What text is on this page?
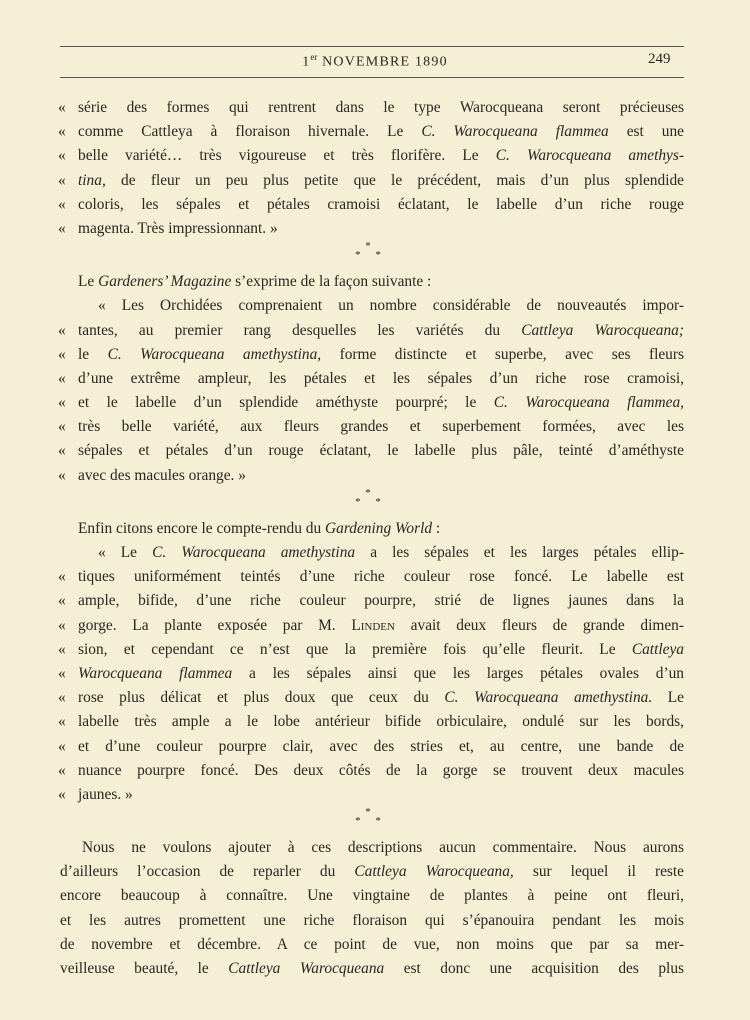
1er NOVEMBRE 1890	249
« série des formes qui rentrent dans le type Warocqueana seront précieuses
« comme Cattleya à floraison hivernale. Le C. Warocqueana flammea est une
« belle variété… très vigoureuse et très florifère. Le C. Warocqueana amethys-
« tina, de fleur un peu plus petite que le précédent, mais d’un plus splendide
« coloris, les sépales et pétales cramoisi éclatant, le labelle d’un riche rouge
« magenta. Très impressionnant. »
*
* *
Le Gardeners’ Magazine s’exprime de la façon suivante :
« Les Orchidées comprenaient un nombre considérable de nouveautés impor-
« tantes, au premier rang desquelles les variétés du Cattleya Warocqueana;
« le C. Warocqueana amethystina, forme distincte et superbe, avec ses fleurs
« d’une extrême ampleur, les pétales et les sépales d’un riche rose cramoisi,
« et le labelle d’un splendide améthyste pourpré; le C. Warocqueana flammea,
« très belle variété, aux fleurs grandes et superbement formées, avec les
« sépales et pétales d’un rouge éclatant, le labelle plus pâle, teinté d’améthyste
« avec des macules orange. »
*
* *
Enfin citons encore le compte-rendu du Gardening World :
« Le C. Warocqueana amethystina a les sépales et les larges pétales ellip-
« tiques uniformément teintés d’une riche couleur rose foncé. Le labelle est
« ample, bifide, d’une riche couleur pourpre, strié de lignes jaunes dans la
« gorge. La plante exposée par M. Linden avait deux fleurs de grande dimen-
« sion, et cependant ce n’est que la première fois qu’elle fleurit. Le Cattleya
« Warocqueana flammea a les sépales ainsi que les larges pétales ovales d’un
« rose plus délicat et plus doux que ceux du C. Warocqueana amethystina. Le
« labelle très ample a le lobe antérieur bifide orbiculaire, ondulé sur les bords,
« et d’une couleur pourpre clair, avec des stries et, au centre, une bande de
« nuance pourpre foncé. Des deux côtés de la gorge se trouvent deux macules
« jaunes. »
*
* *
Nous ne voulons ajouter à ces descriptions aucun commentaire. Nous aurons
d’ailleurs l’occasion de reparler du Cattleya Warocqueana, sur lequel il reste
encore beaucoup à connaître. Une vingtaine de plantes à peine ont fleuri,
et les autres promettent une riche floraison qui s’épanouira pendant les mois
de novembre et décembre. A ce point de vue, non moins que par sa mer-
veilleuse beauté, le Cattleya Warocqueana est donc une acquisition des plus
